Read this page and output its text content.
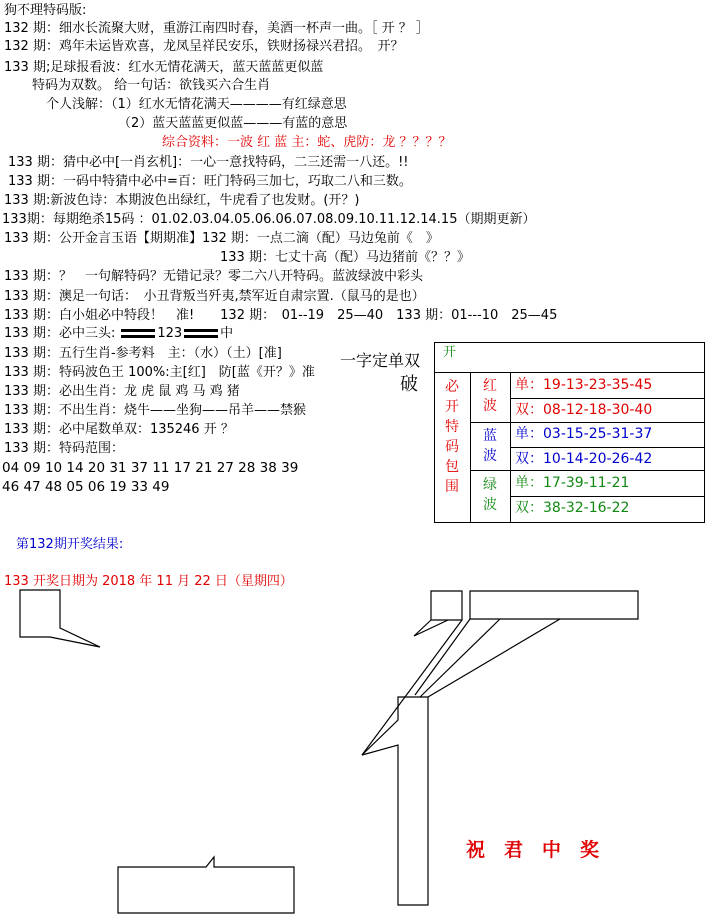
狗不理特码版:
132 期：细水长流聚大财，重游江南四时春，美酒一杯声一曲。［ 开 ？ ］
132 期：鸡年未运皆欢喜，龙凤呈祥民安乐，铁财扬禄兴君招。　开？
133 期;足球报看波：红水无情花满天，蓝天蓝蓝更似蓝
特码为双数。 给一句话：欲钱买六合生肖
个人浅解：（1）红水无情花满天————有红绿意思
（2）蓝天蓝蓝更似蓝———有蓝的意思
综合资料：一波 红 蓝 主：蛇、虎防：龙 ？？？？
133 期：猜中必中[一肖玄机]：一心一意找特码，二三还需一八还。!!
133 期：一码中特猜中必中=百：旺门特码三加七，巧取二八和三数。
133 期:新波色诗：本期波色出绿红，牛虎看了也发财。(开？)
133期：每期绝杀15码 ：01.02.03.04.05.06.06.07.08.09.10.11.12.14.15（期期更新）
133 期：公开金言玉语【期期准】132 期：一点二滴（配）马边兔前《　》
133 期：七丈十高（配）马边猪前《？？》
133 期：？　一句解特码？无错记录？零二六八开特码。蓝波绿波中彩头
133 期：澳足一句话：　小丑背叛当歼夷,禁军近自肃宗置.（鼠马的是也）
133 期：白小姐必中特段！　准!　　132 期：　01--19　25—40　133 期：01---10　25—45
133 期：必中三头:	123	中
133 期：五行生肖-参考料　主：（水）（土）[准]
133 期：特码波色王 100%:主[红]　防[蓝《开？》准
133 期：必出生肖：龙 虎 鼠 鸡 马 鸡 猪
133 期：不出生肖：烧牛——坐狗——吊羊——禁猴
133 期：必中尾数单双：135246 开 ？
133 期：特码范围：
04 09 10 14 20 31 37 11 17 21 27 28 38 39
46 47 48 05 06 19 33 49
第132期开奖结果:
133 开奖日期为 2018 年 11 月 22 日（星期四）
一字定单双
破
开
必开特码包围
红波
单：19-13-23-35-45
双：08-12-18-30-40
蓝波
单：03-15-25-31-37
双：10-14-20-26-42
绿波
单：17-39-11-21
双：38-32-16-22
祝　君　中　奖
